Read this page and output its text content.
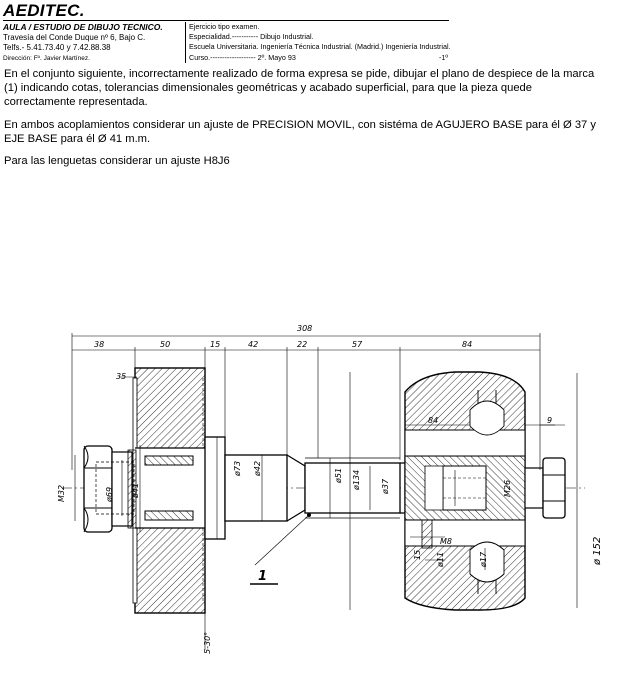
AEDITEC.
AULA / ESTUDIO DE DIBUJO TECNICO.
Travesía del Conde Duque nº 6, Bajo C.
Telfs.- 5.41.73.40 y 7.42.88.38
Dirección: Fº. Javier Martínez.
Ejercicio tipo examen.
Especialidad.----------- Dibujo Industrial.
Escuela Universitaria. Ingeniería Técnica Industrial. (Madrid.) Ingeniería Industrial.
Curso.------------------- 2º. Mayo 93	-1º
En el conjunto siguiente, incorrectamente realizado de forma expresa se pide, dibujar el plano de despiece de la marca (1) indicando cotas, tolerancias dimensionales geométricas y acabado superficial, para que la pieza quede correctamente representada.
En ambos acoplamientos considerar un ajuste de PRECISION MOVIL, con sistéma de AGUJERO BASE para él Ø 37 y EJE BASE para él Ø 41 m.m.
Para las lenguetas considerar un ajuste H8J6
308
38	50	15	42	22	57	84
84
35
9
M32	ø69 ø41
ø73 ø42	ø51 ø134	ø37	M26
M8
15 ø11	ø17	ø 152
5-30°
1
